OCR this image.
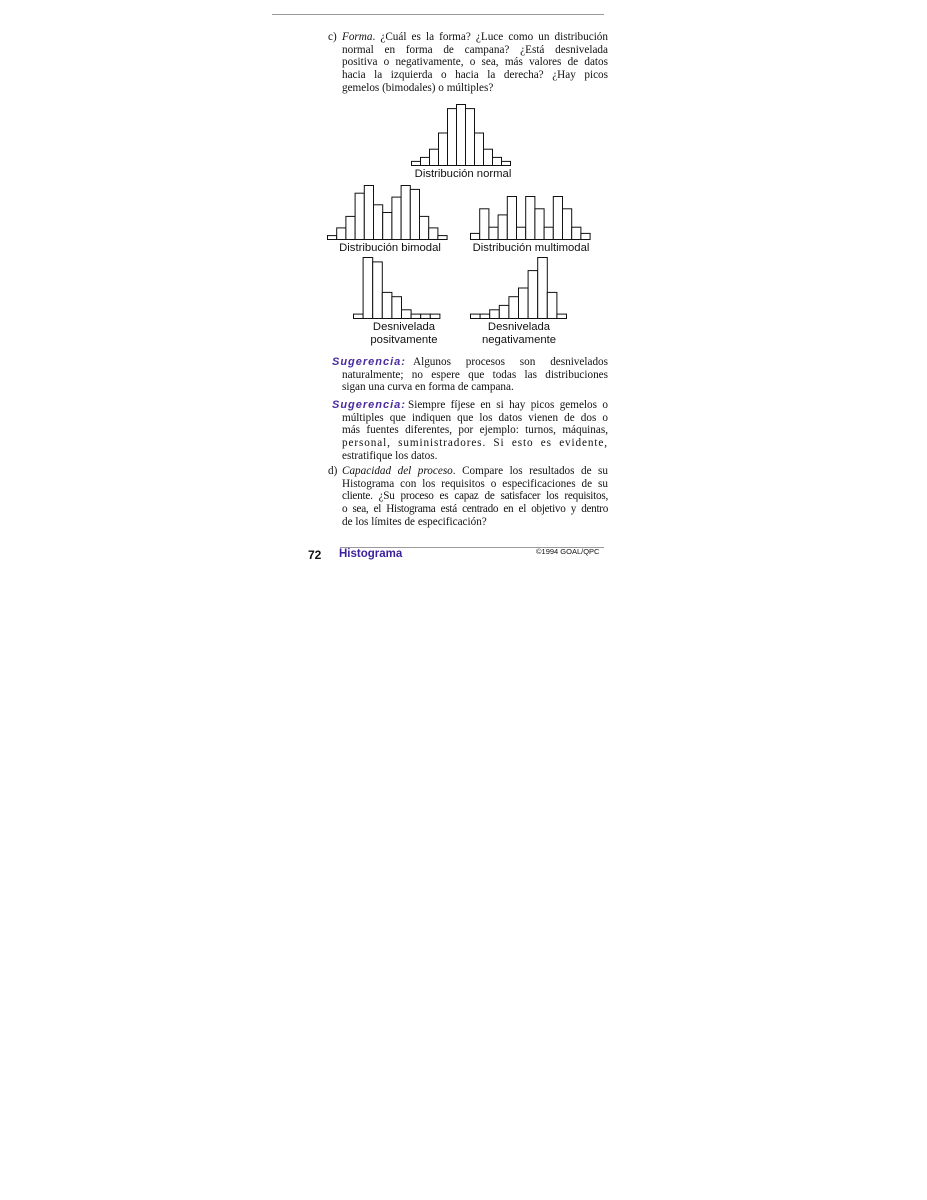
c) Forma. ¿Cuál es la forma? ¿Luce como un distribución
normal en forma de campana? ¿Está desnivelada
positiva o negativamente, o sea, más valores de datos
hacia la izquierda o hacia la derecha? ¿Hay picos
gemelos (bimodales) o múltiples?
Distribución normal
Distribución bimodal	Distribución multimodal
Desnivelada
positvamente
Desnivelada
negativamente
Sugerencia: Algunos procesos son desnivelados
naturalmente; no espere que todas las distribuciones
sigan una curva en forma de campana.
Sugerencia: Siempre fíjese en si hay picos gemelos o
múltiples que indiquen que los datos vienen de dos o
más fuentes diferentes, por ejemplo: turnos, máquinas,
personal, suministradores. Si esto es evidente,
estratifique los datos.
d) Capacidad del proceso. Compare los resultados de su
Histograma con los requisitos o especificaciones de su
cliente. ¿Su proceso es capaz de satisfacer los requisitos,
o sea, el Histograma está centrado en el objetivo y dentro
de los límites de especificación?
72 Histograma	©1994 GOAL/QPC
